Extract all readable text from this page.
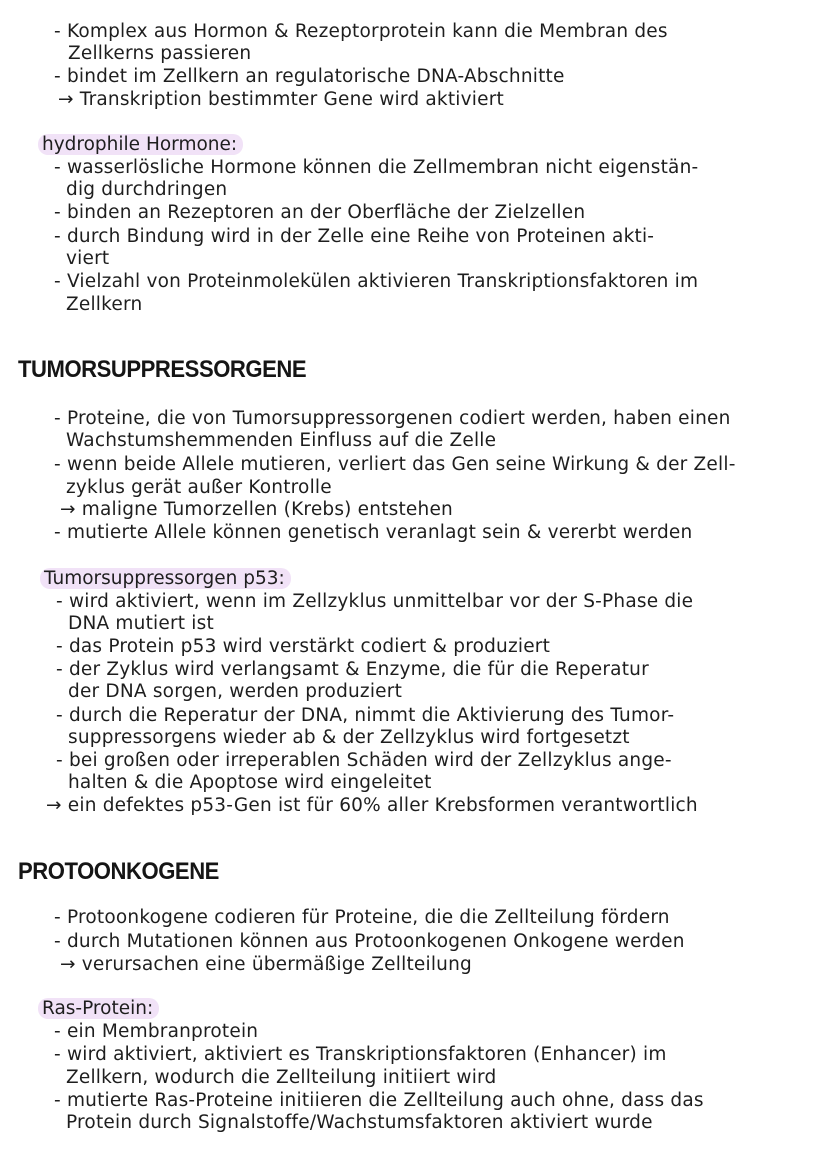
- Komplex aus Hormon & Rezeptorprotein kann die Membran des
Zellkerns passieren
- bindet im Zellkern an regulatorische DNA-Abschnitte
→ Transkription bestimmter Gene wird aktiviert
hydrophile Hormone:
- wasserlösliche Hormone können die Zellmembran nicht eigenstän-
dig durchdringen
- binden an Rezeptoren an der Oberfläche der Zielzellen
- durch Bindung wird in der Zelle eine Reihe von Proteinen akti-
viert
- Vielzahl von Proteinmolekülen aktivieren Transkriptionsfaktoren im
Zellkern
TUMORSUPPRESSORGENE
- Proteine, die von Tumorsuppressorgenen codiert werden, haben einen
Wachstumshemmenden Einfluss auf die Zelle
- wenn beide Allele mutieren, verliert das Gen seine Wirkung & der Zell-
zyklus gerät außer Kontrolle
→ maligne Tumorzellen (Krebs) entstehen
- mutierte Allele können genetisch veranlagt sein & vererbt werden
Tumorsuppressorgen p53:
- wird aktiviert, wenn im Zellzyklus unmittelbar vor der S-Phase die
DNA mutiert ist
- das Protein p53 wird verstärkt codiert & produziert
- der Zyklus wird verlangsamt & Enzyme, die für die Reperatur
der DNA sorgen, werden produziert
- durch die Reperatur der DNA, nimmt die Aktivierung des Tumor-
suppressorgens wieder ab & der Zellzyklus wird fortgesetzt
- bei großen oder irreperablen Schäden wird der Zellzyklus ange-
halten & die Apoptose wird eingeleitet
→ ein defektes p53-Gen ist für 60% aller Krebsformen verantwortlich
PROTOONKOGENE
- Protoonkogene codieren für Proteine, die die Zellteilung fördern
- durch Mutationen können aus Protoonkogenen Onkogene werden
→ verursachen eine übermäßige Zellteilung
Ras-Protein:
- ein Membranprotein
- wird aktiviert, aktiviert es Transkriptionsfaktoren (Enhancer) im
Zellkern, wodurch die Zellteilung initiiert wird
- mutierte Ras-Proteine initiieren die Zellteilung auch ohne, dass das
Protein durch Signalstoffe/Wachstumsfaktoren aktiviert wurde
